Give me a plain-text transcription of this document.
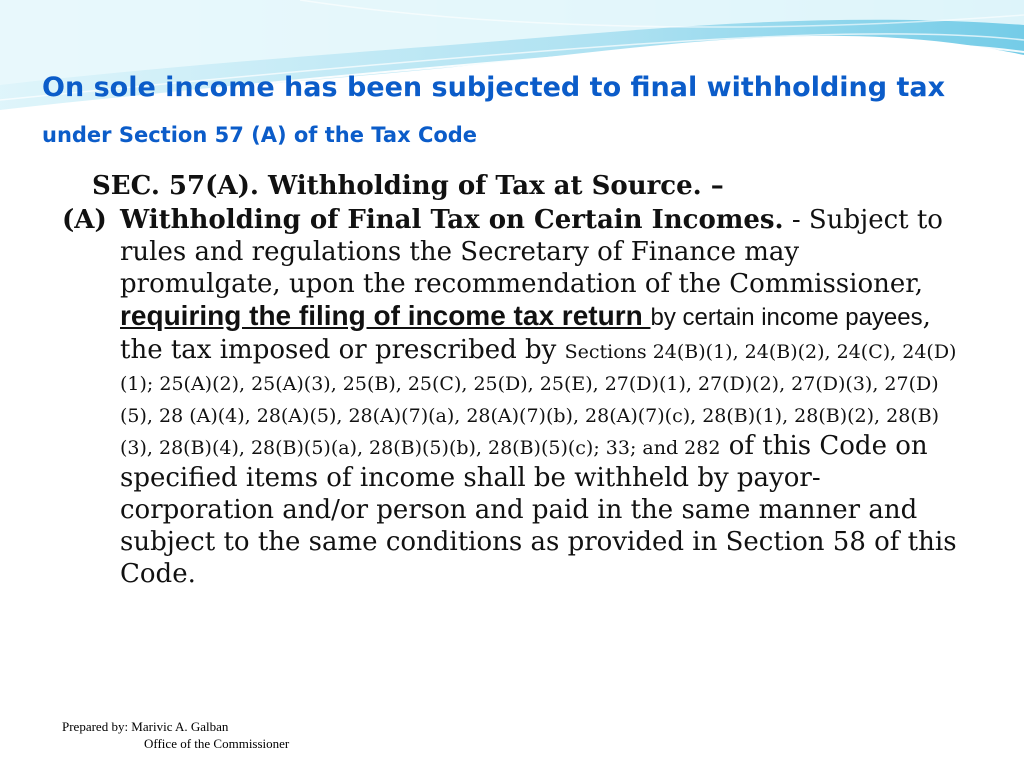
On sole income has been subjected to final withholding tax under Section 57 (A) of the Tax Code
SEC. 57(A). Withholding of Tax at Source. –
(A) Withholding of Final Tax on Certain Incomes. - Subject to rules and regulations the Secretary of Finance may promulgate, upon the recommendation of the Commissioner, requiring the filing of income tax return by certain income payees, the tax imposed or prescribed by Sections 24(B)(1), 24(B)(2), 24(C), 24(D)(1); 25(A)(2), 25(A)(3), 25(B), 25(C), 25(D), 25(E), 27(D)(1), 27(D)(2), 27(D)(3), 27(D)(5), 28 (A)(4), 28(A)(5), 28(A)(7)(a), 28(A)(7)(b), 28(A)(7)(c), 28(B)(1), 28(B)(2), 28(B)(3), 28(B)(4), 28(B)(5)(a), 28(B)(5)(b), 28(B)(5)(c); 33; and 282 of this Code on specified items of income shall be withheld by payor-corporation and/or person and paid in the same manner and subject to the same conditions as provided in Section 58 of this Code.
Prepared by: Marivic A. Galban
Office of the Commissioner
